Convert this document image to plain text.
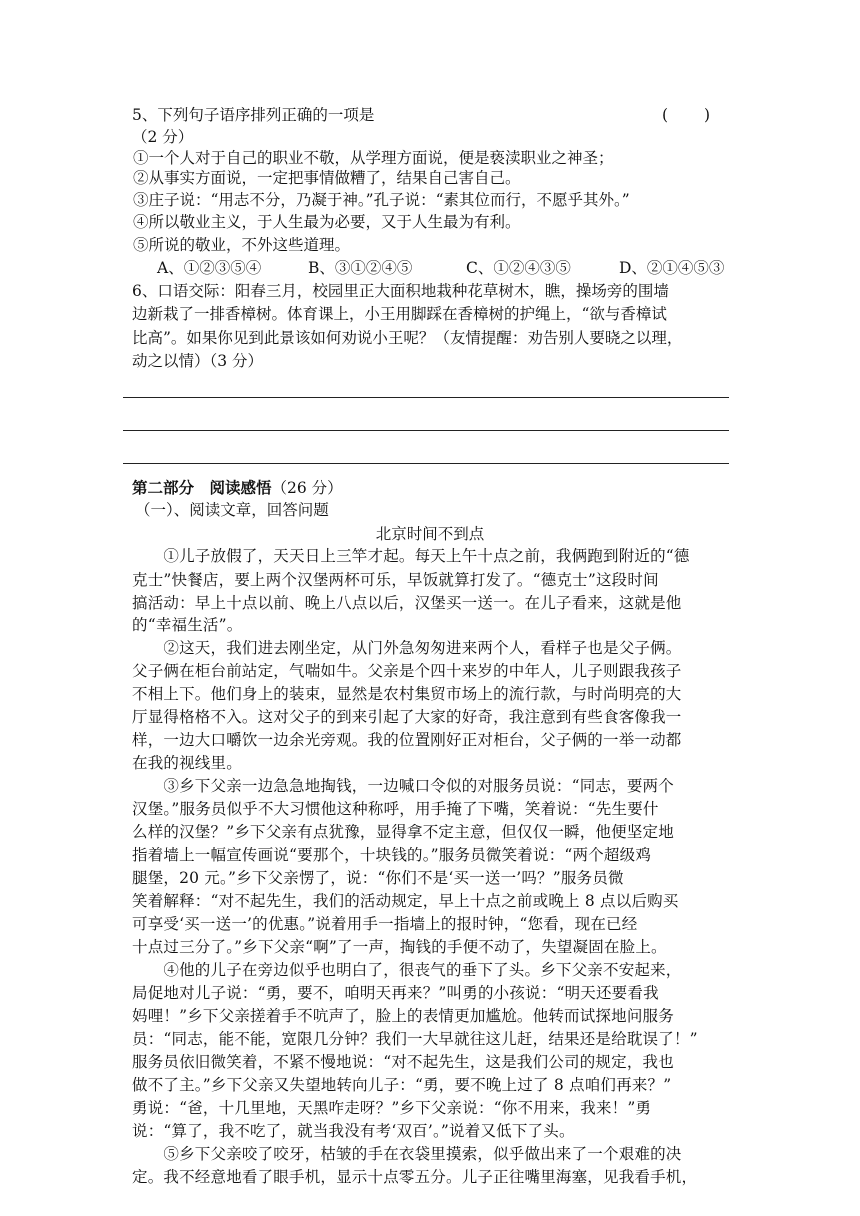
5、下列句子语序排列正确的一项是	(　　 )
（2 分）
①一个人对于自己的职业不敬，从学理方面说，便是亵渎职业之神圣；
②从事实方面说，一定把事情做糟了，结果自己害自己。
③庄子说：“用志不分，乃凝于神。”孔子说：“素其位而行，不愿乎其外。”
④所以敬业主义，于人生最为必要，又于人生最为有利。
⑤所说的敬业，不外这些道理。
A、①②③⑤④	B、③①②④⑤	C、①②④③⑤	D、②①④⑤③
6、口语交际：阳春三月，校园里正大面积地栽种花草树木，瞧，操场旁的围墙
边新栽了一排香樟树。体育课上，小王用脚踩在香樟树的护绳上，“欲与香樟试
比高”。如果你见到此景该如何劝说小王呢？（友情提醒：劝告别人要晓之以理，
动之以情）（3 分）
第二部分　阅读感悟（26 分）
（一）、阅读文章，回答问题
北京时间不到点
　　①儿子放假了，天天日上三竿才起。每天上午十点之前，我俩跑到附近的“德
克士”快餐店，要上两个汉堡两杯可乐，早饭就算打发了。“德克士”这段时间
搞活动：早上十点以前、晚上八点以后，汉堡买一送一。在儿子看来，这就是他
的“幸福生活”。
　　②这天，我们进去刚坐定，从门外急匆匆进来两个人，看样子也是父子俩。
父子俩在柜台前站定，气喘如牛。父亲是个四十来岁的中年人，儿子则跟我孩子
不相上下。他们身上的装束，显然是农村集贸市场上的流行款，与时尚明亮的大
厅显得格格不入。这对父子的到来引起了大家的好奇，我注意到有些食客像我一
样，一边大口嚼饮一边余光旁观。我的位置刚好正对柜台，父子俩的一举一动都
在我的视线里。
　　③乡下父亲一边急急地掏钱，一边喊口令似的对服务员说：“同志，要两个
汉堡。”服务员似乎不大习惯他这种称呼，用手掩了下嘴，笑着说：“先生要什
么样的汉堡？”乡下父亲有点犹豫，显得拿不定主意，但仅仅一瞬，他便坚定地
指着墙上一幅宣传画说“要那个，十块钱的。”服务员微笑着说：“两个超级鸡
腿堡，20 元。”乡下父亲愣了，说：“你们不是‘买一送一’吗？”服务员微
笑着解释：“对不起先生，我们的活动规定，早上十点之前或晚上 8 点以后购买
可享受‘买一送一’的优惠。”说着用手一指墙上的报时钟，“您看，现在已经
十点过三分了。”乡下父亲“啊”了一声，掏钱的手便不动了，失望凝固在脸上。
　　④他的儿子在旁边似乎也明白了，很丧气的垂下了头。乡下父亲不安起来，
局促地对儿子说：“勇，要不，咱明天再来？”叫勇的小孩说：“明天还要看我
妈哩！”乡下父亲搓着手不吭声了，脸上的表情更加尴尬。他转而试探地问服务
员：“同志，能不能，宽限几分钟？我们一大早就往这儿赶，结果还是给耽误了！”
服务员依旧微笑着，不紧不慢地说：“对不起先生，这是我们公司的规定，我也
做不了主。”乡下父亲又失望地转向儿子：“勇，要不晚上过了 8 点咱们再来？”
勇说：“爸，十几里地，天黑咋走呀？”乡下父亲说：“你不用来，我来！”勇
说：“算了，我不吃了，就当我没有考‘双百’。”说着又低下了头。
　　⑤乡下父亲咬了咬牙，枯皱的手在衣袋里摸索，似乎做出来了一个艰难的决
定。我不经意地看了眼手机，显示十点零五分。儿子正往嘴里海塞，见我看手机，
